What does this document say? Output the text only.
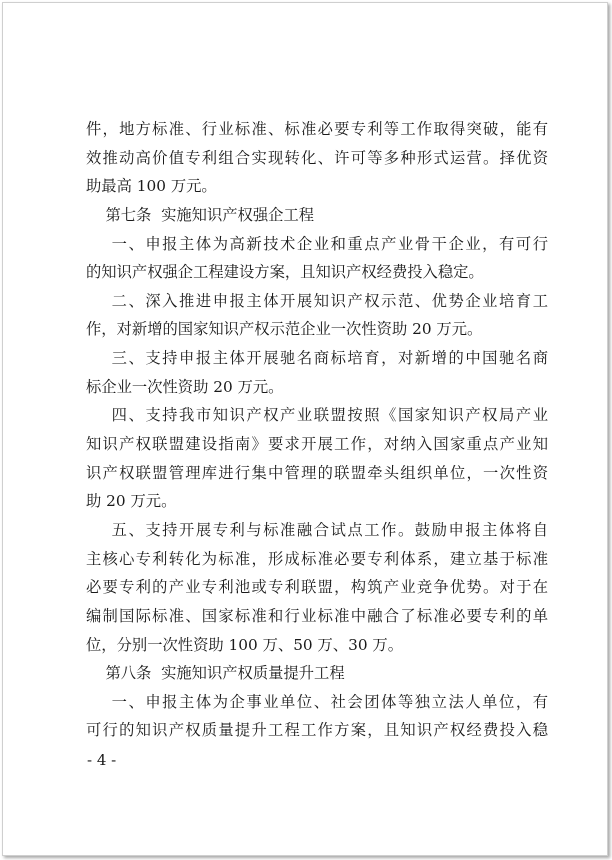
件，地方标准、行业标准、标准必要专利等工作取得突破，能有
效推动高价值专利组合实现转化、许可等多种形式运营。择优资
助最高 100 万元。
第七条  实施知识产权强企工程
一、申报主体为高新技术企业和重点产业骨干企业，有可行
的知识产权强企工程建设方案，且知识产权经费投入稳定。
二、深入推进申报主体开展知识产权示范、优势企业培育工
作，对新增的国家知识产权示范企业一次性资助 20 万元。
三、支持申报主体开展驰名商标培育，对新增的中国驰名商
标企业一次性资助 20 万元。
四、支持我市知识产权产业联盟按照《国家知识产权局产业
知识产权联盟建设指南》要求开展工作，对纳入国家重点产业知
识产权联盟管理库进行集中管理的联盟牵头组织单位，一次性资
助 20 万元。
五、支持开展专利与标准融合试点工作。鼓励申报主体将自
主核心专利转化为标准，形成标准必要专利体系，建立基于标准
必要专利的产业专利池或专利联盟，构筑产业竞争优势。对于在
编制国际标准、国家标准和行业标准中融合了标准必要专利的单
位，分别一次性资助 100 万、50 万、30 万。
第八条  实施知识产权质量提升工程
一、申报主体为企事业单位、社会团体等独立法人单位，有
可行的知识产权质量提升工程工作方案，且知识产权经费投入稳
- 4 -
